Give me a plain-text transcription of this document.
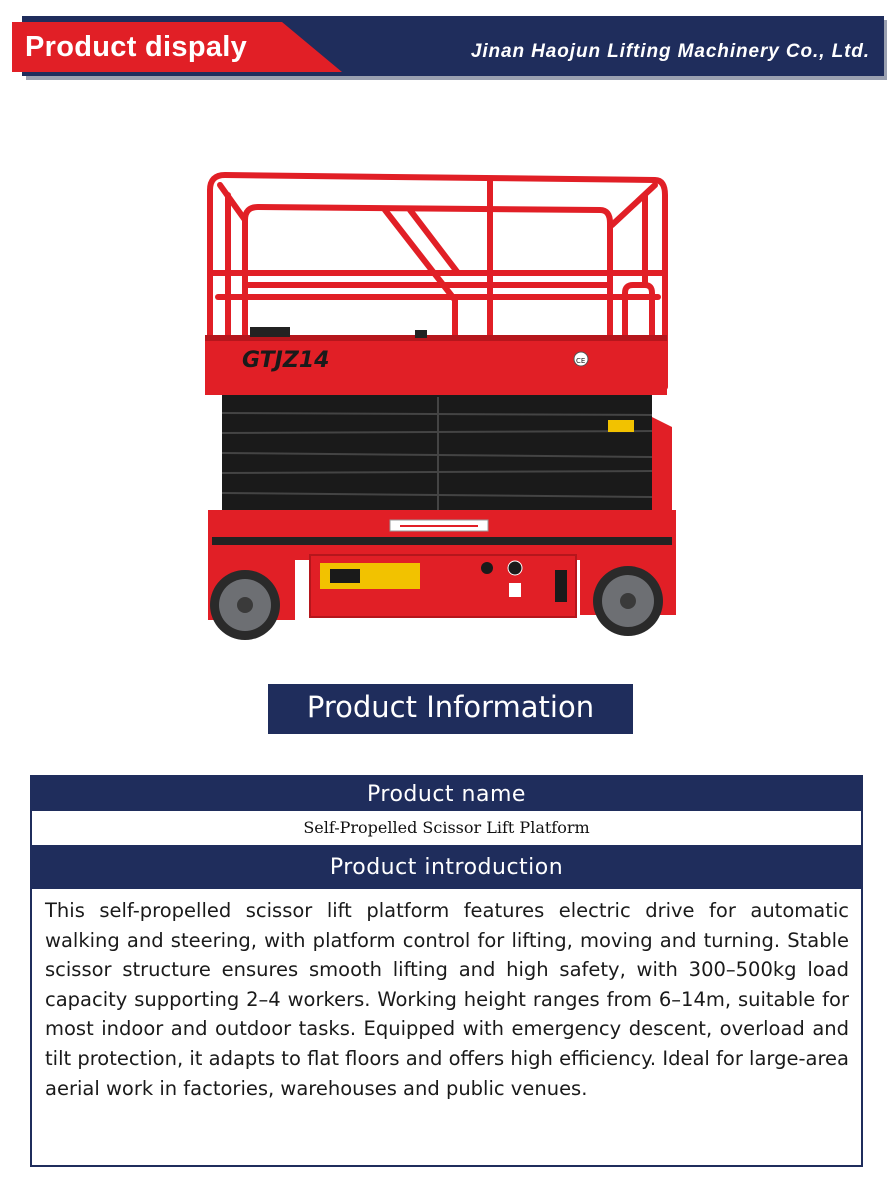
Jinan Haojun Lifting Machinery Co., Ltd.
Product dispaly
GTJZ14	CE
Product Information
Product name
Self-Propelled Scissor Lift Platform
Product introduction
This self-propelled scissor lift platform features electric drive for automatic walking and steering, with platform control for lifting, moving and turning. Stable scissor structure ensures smooth lifting and high safety, with 300–500kg load capacity supporting 2–4 workers. Working height ranges from 6–14m, suitable for most indoor and outdoor tasks. Equipped with emergency descent, overload and tilt protection, it adapts to flat floors and offers high efficiency. Ideal for large-area aerial work in factories, warehouses and public venues.
